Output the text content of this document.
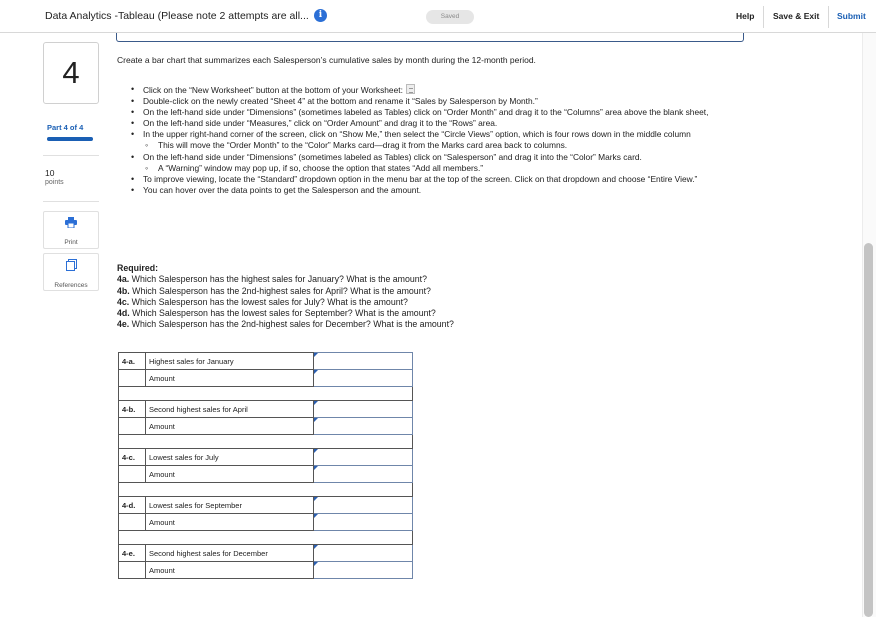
Data Analytics -Tableau (Please note 2 attempts are all...	i	Saved	Help Save & Exit Submit
4
Part 4 of 4
10
points
Print
References
Create a bar chart that summarizes each Salesperson’s cumulative sales by month during the 12-month period.
• Click on the “New Worksheet” button at the bottom of your Worksheet:
• Double-click on the newly created “Sheet 4” at the bottom and rename it “Sales by Salesperson by Month.”
• On the left-hand side under “Dimensions” (sometimes labeled as Tables) click on “Order Month” and drag it to the “Columns” area above the blank sheet,
• On the left-hand side under “Measures,” click on “Order Amount” and drag it to the “Rows” area.
• In the upper right-hand corner of the screen, click on “Show Me,” then select the “Circle Views” option, which is four rows down in the middle column
◦ This will move the “Order Month” to the “Color” Marks card—drag it from the Marks card area back to columns.
• On the left-hand side under “Dimensions” (sometimes labeled as Tables) click on “Salesperson” and drag it into the “Color” Marks card.
◦ A “Warning” window may pop up, if so, choose the option that states “Add all members.”
• To improve viewing, locate the “Standard” dropdown option in the menu bar at the top of the screen. Click on that dropdown and choose “Entire View.”
• You can hover over the data points to get the Salesperson and the amount.
Required:
4a. Which Salesperson has the highest sales for January? What is the amount?
4b. Which Salesperson has the 2nd-highest sales for April? What is the amount?
4c. Which Salesperson has the lowest sales for July? What is the amount?
4d. Which Salesperson has the lowest sales for September? What is the amount?
4e. Which Salesperson has the 2nd-highest sales for December? What is the amount?
4-a.	Highest sales for January	

	Amount	

4-b.	Second highest sales for April	

	Amount	

4-c.	Lowest sales for July	

	Amount	

4-d.	Lowest sales for September	

	Amount	

4-e.	Second highest sales for December	

	Amount	
